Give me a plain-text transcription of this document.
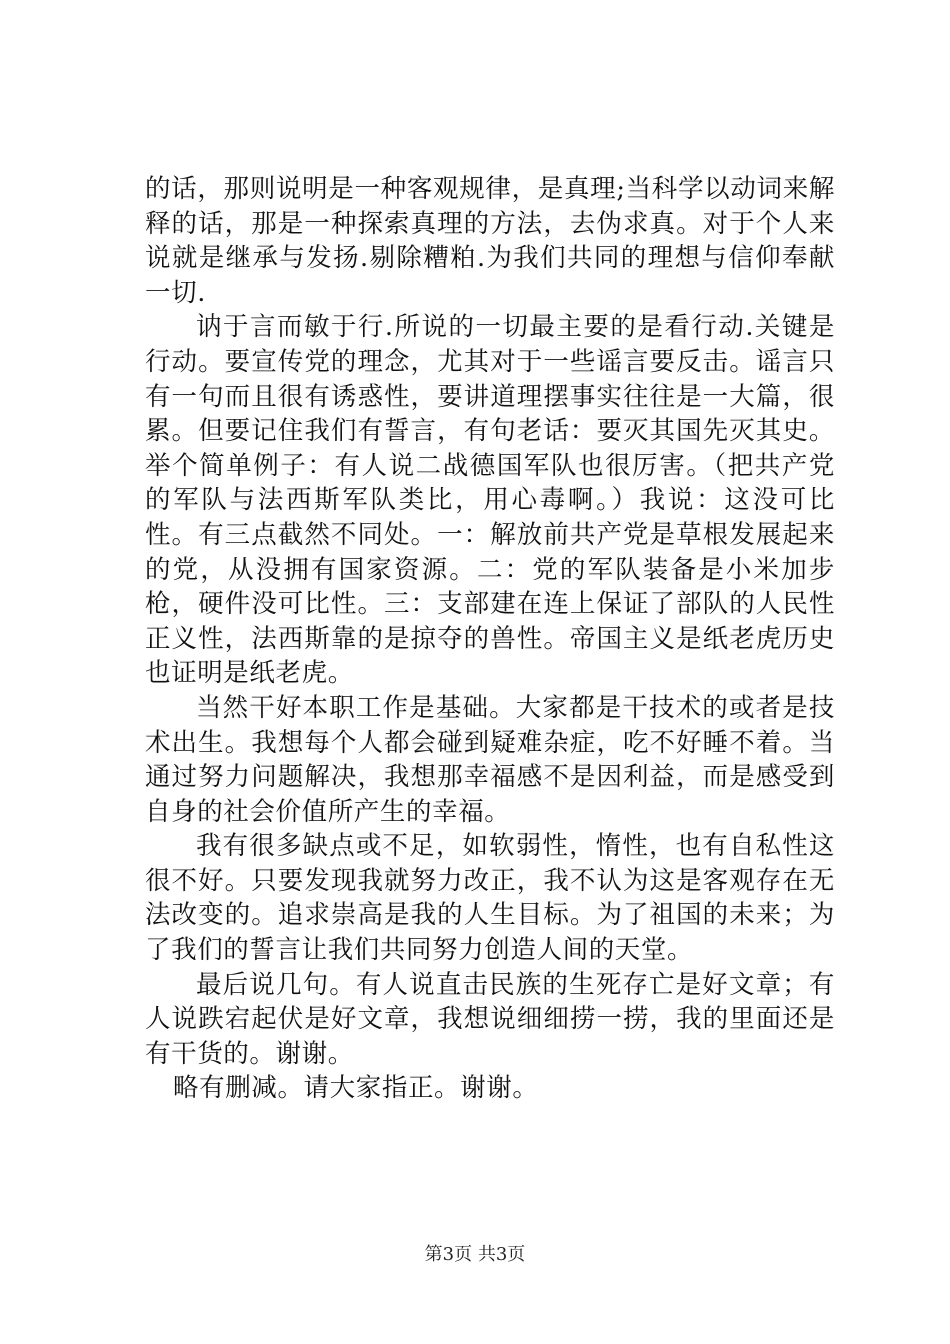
的话，那则说明是一种客观规律，是真理;当科学以动词来解释的话，那是一种探索真理的方法，去伪求真。对于个人来说就是继承与发扬.剔除糟粕.为我们共同的理想与信仰奉献一切.

讷于言而敏于行.所说的一切最主要的是看行动.关键是行动。要宣传党的理念，尤其对于一些谣言要反击。谣言只有一句而且很有诱惑性，要讲道理摆事实往往是一大篇，很累。但要记住我们有誓言，有句老话：要灭其国先灭其史。举个简单例子：有人说二战德国军队也很厉害。（把共产党的军队与法西斯军队类比，用心毒啊。）我说：这没可比性。有三点截然不同处。一：解放前共产党是草根发展起来的党，从没拥有国家资源。二：党的军队装备是小米加步枪，硬件没可比性。三：支部建在连上保证了部队的人民性正义性，法西斯靠的是掠夺的兽性。帝国主义是纸老虎历史也证明是纸老虎。

当然干好本职工作是基础。大家都是干技术的或者是技术出生。我想每个人都会碰到疑难杂症，吃不好睡不着。当通过努力问题解决，我想那幸福感不是因利益，而是感受到自身的社会价值所产生的幸福。

我有很多缺点或不足，如软弱性，惰性，也有自私性这很不好。只要发现我就努力改正，我不认为这是客观存在无法改变的。追求崇高是我的人生目标。为了祖国的未来；为了我们的誓言让我们共同努力创造人间的天堂。

最后说几句。有人说直击民族的生死存亡是好文章；有人说跌宕起伏是好文章，我想说细细捞一捞，我的里面还是有干货的。谢谢。

略有删减。请大家指正。谢谢。

第3页 共3页
